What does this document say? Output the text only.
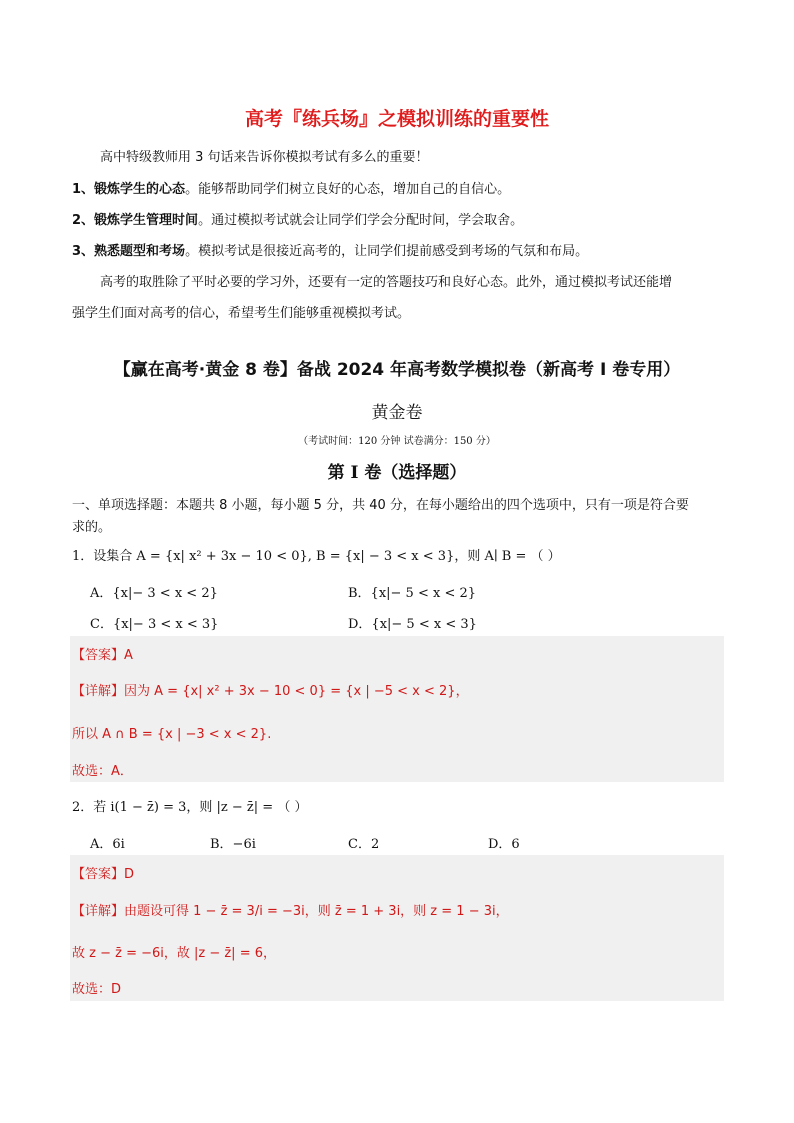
高考『练兵场』之模拟训练的重要性
高中特级教师用 3 句话来告诉你模拟考试有多么的重要！
1、锻炼学生的心态。能够帮助同学们树立良好的心态，增加自己的自信心。
2、锻炼学生管理时间。通过模拟考试就会让同学们学会分配时间，学会取舍。
3、熟悉题型和考场。模拟考试是很接近高考的，让同学们提前感受到考场的气氛和布局。
高考的取胜除了平时必要的学习外，还要有一定的答题技巧和良好心态。此外，通过模拟考试还能增
强学生们面对高考的信心，希望考生们能够重视模拟考试。
【赢在高考·黄金 8 卷】备战 2024 年高考数学模拟卷（新高考 I 卷专用）
黄金卷
（考试时间：120 分钟 试卷满分：150 分）
第 I 卷（选择题）
一、单项选择题：本题共 8 小题，每小题 5 分，共 40 分，在每小题给出的四个选项中，只有一项是符合要
求的。
1．设集合 A = {x| x² + 3x − 10 < 0}, B = {x| − 3 < x < 3}，则 A∣ B = （ ）
A．{x|− 3 < x < 2}	B．{x|− 5 < x < 2}
C．{x|− 3 < x < 3}	D．{x|− 5 < x < 3}
【答案】A
【详解】因为 A = {x| x² + 3x − 10 < 0} = {x | −5 < x < 2}，
所以 A ∩ B = {x | −3 < x < 2}.
故选：A．
2．若 i(1 − z̄) = 3，则 |z − z̄| = （ ）
A．6i	B．−6i	C．2	D．6
【答案】D
【详解】由题设可得 1 − z̄ = 3/i = −3i，则 z̄ = 1 + 3i，则 z = 1 − 3i，
故 z − z̄ = −6i，故 |z − z̄| = 6，
故选：D
